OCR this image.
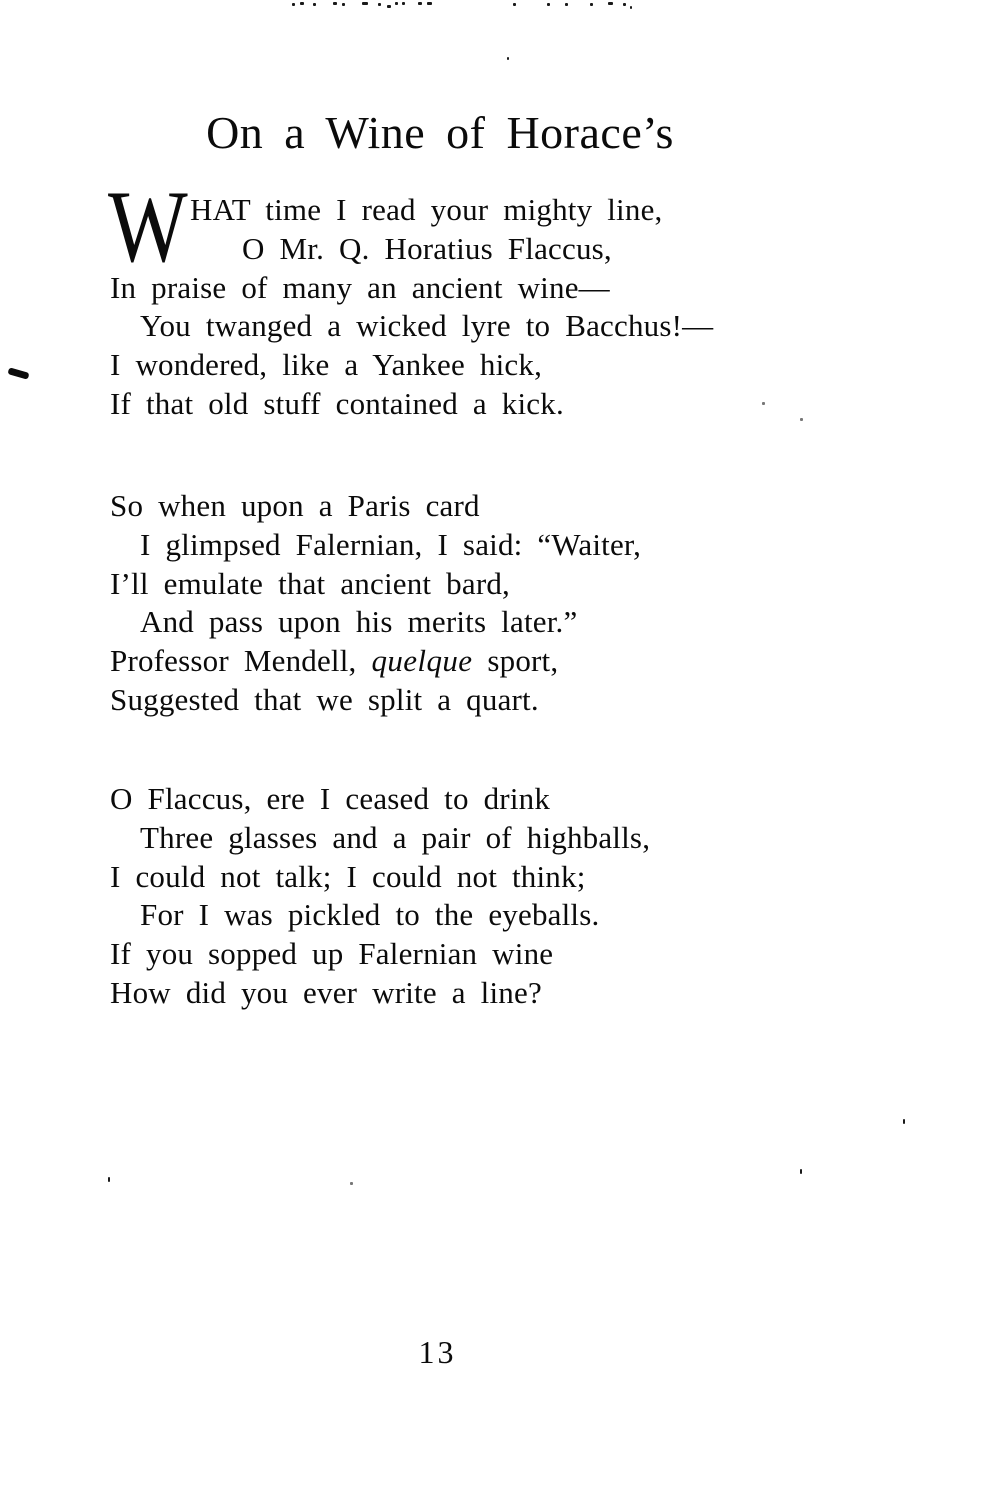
On a Wine of Horace’s
W HAT time I read your mighty line,
O Mr. Q. Horatius Flaccus,
In praise of many an ancient wine—
You twanged a wicked lyre to Bacchus!—
I wondered, like a Yankee hick,
If that old stuff contained a kick.
So when upon a Paris card
I glimpsed Falernian, I said: “Waiter,
I’ll emulate that ancient bard,
And pass upon his merits later.”
Professor Mendell, quelque sport,
Suggested that we split a quart.
O Flaccus, ere I ceased to drink
Three glasses and a pair of highballs,
I could not talk; I could not think;
For I was pickled to the eyeballs.
If you sopped up Falernian wine
How did you ever write a line?
13
